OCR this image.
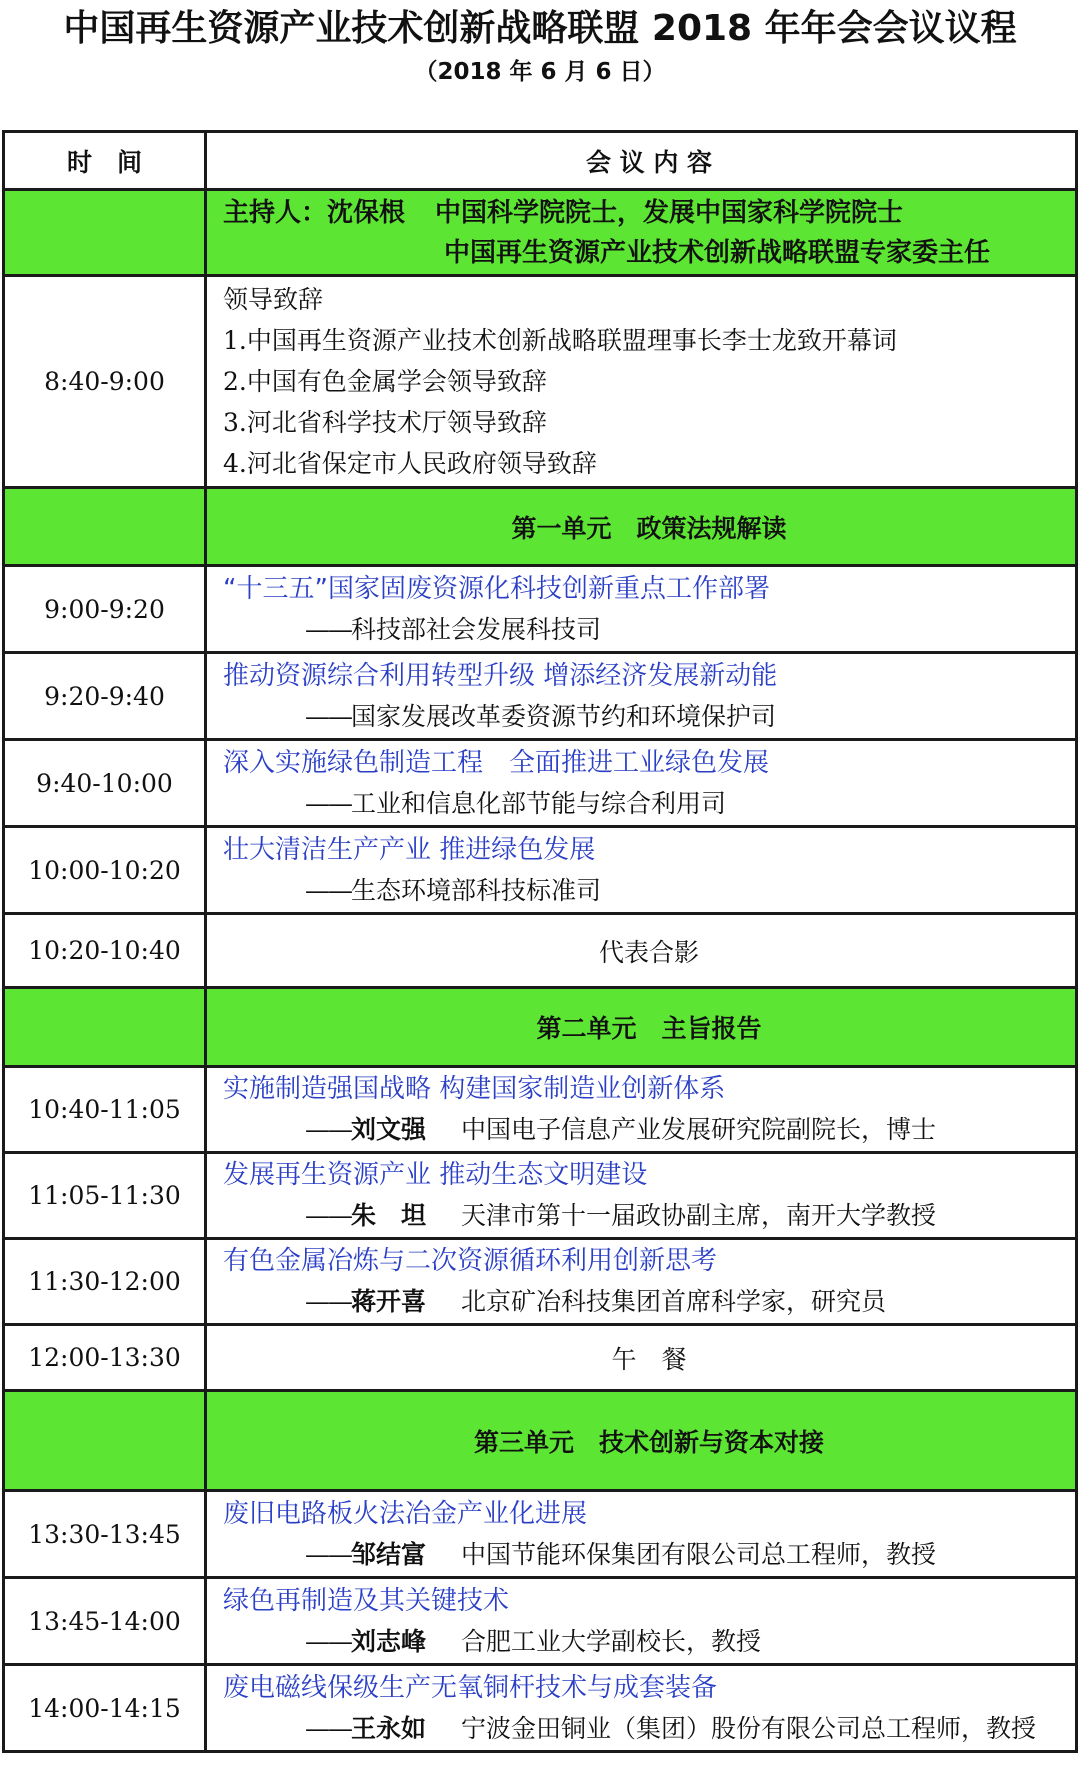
中国再生资源产业技术创新战略联盟 2018 年年会会议议程
（2018 年 6 月 6 日）
时　间	会 议 内 容

	主持人：沈保根 中国科学院院士，发展中国家科学院院士
中国再生资源产业技术创新战略联盟专家委主任

8:40-9:00	领导致辞
1.中国再生资源产业技术创新战略联盟理事长李士龙致开幕词
2.中国有色金属学会领导致辞
3.河北省科学技术厅领导致辞
4.河北省保定市人民政府领导致辞

	第一单元　政策法规解读
9:00-9:20	“十三五”国家固废资源化科技创新重点工作部署
——科技部社会发展科技司

9:20-9:40	推动资源综合利用转型升级 增添经济发展新动能
——国家发展改革委资源节约和环境保护司

9:40-10:00	深入实施绿色制造工程　全面推进工业绿色发展
——工业和信息化部节能与综合利用司

10:00-10:20	壮大清洁生产产业 推进绿色发展
——生态环境部科技标准司

10:20-10:40	代表合影
	第二单元　主旨报告
10:40-11:05	实施制造强国战略 构建国家制造业创新体系
——刘文强 中国电子信息产业发展研究院副院长，博士

11:05-11:30	发展再生资源产业 推动生态文明建设
——朱　坦 天津市第十一届政协副主席，南开大学教授

11:30-12:00	有色金属冶炼与二次资源循环利用创新思考
——蒋开喜 北京矿冶科技集团首席科学家，研究员

12:00-13:30	午　餐
	第三单元　技术创新与资本对接
13:30-13:45	废旧电路板火法冶金产业化进展
——邹结富 中国节能环保集团有限公司总工程师，教授

13:45-14:00	绿色再制造及其关键技术
——刘志峰 合肥工业大学副校长，教授

14:00-14:15	废电磁线保级生产无氧铜杆技术与成套装备
——王永如 宁波金田铜业（集团）股份有限公司总工程师，教授
